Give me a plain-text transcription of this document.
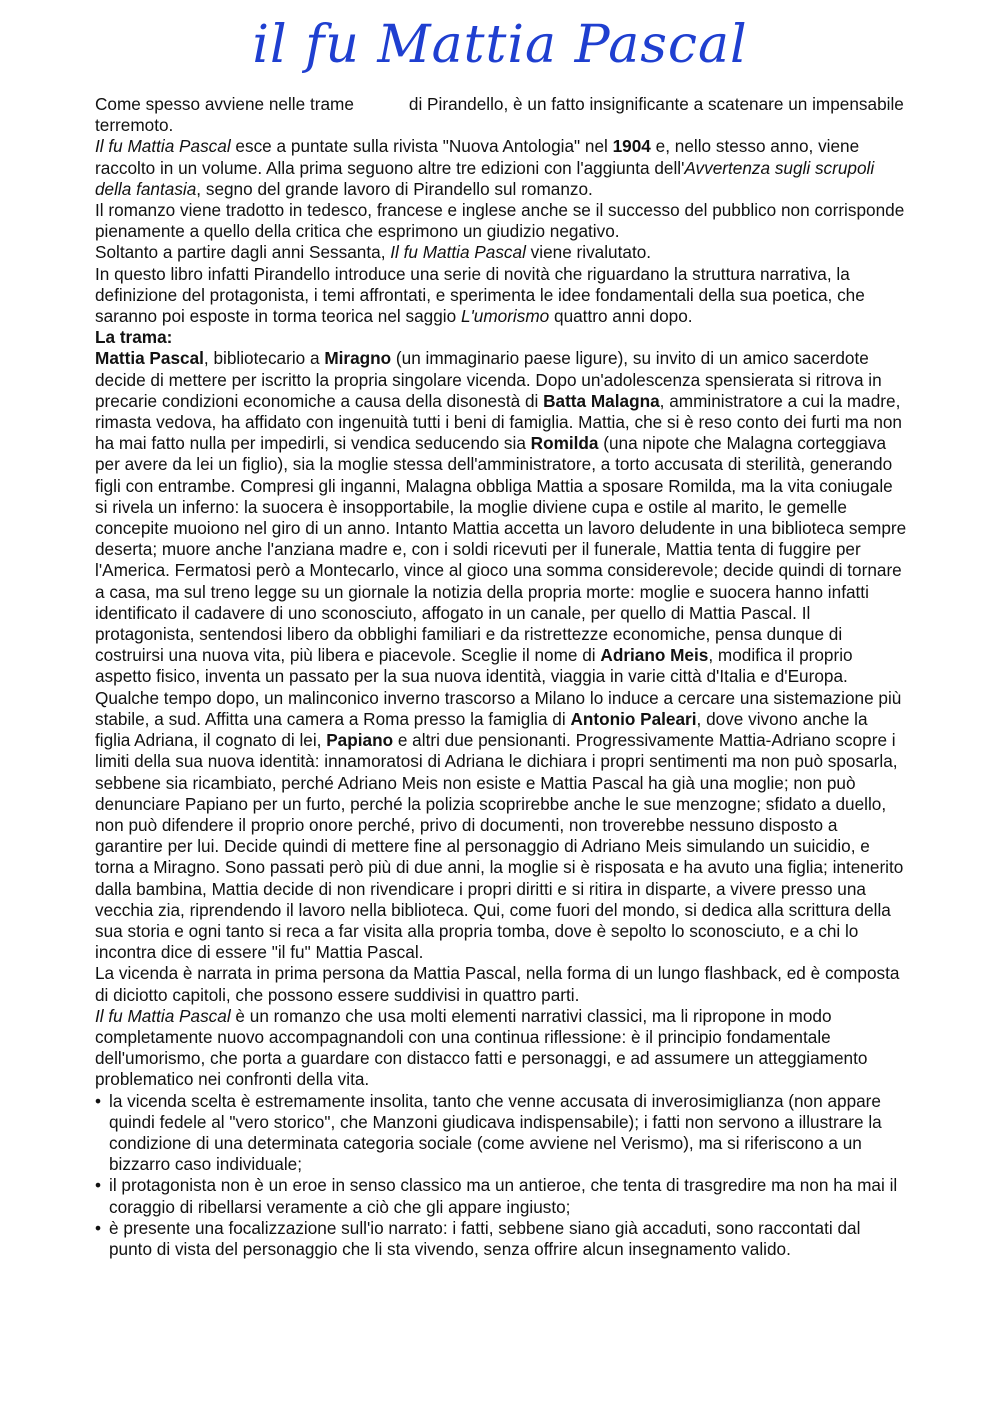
il fu Mattia Pascal

Come spesso avviene nelle trame	di Pirandello, è un fatto insignificante a scatenare un impensabile terremoto.

Il fu Mattia Pascal esce a puntate sulla rivista "Nuova Antologia" nel 1904 e, nello stesso anno, viene raccolto in un volume. Alla prima seguono altre tre edizioni con l'aggiunta dell'Avvertenza sugli scrupoli della fantasia, segno del grande lavoro di Pirandello sul romanzo.

Il romanzo viene tradotto in tedesco, francese e inglese anche se il successo del pubblico non corrisponde pienamente a quello della critica che esprimono un giudizio negativo.

Soltanto a partire dagli anni Sessanta, Il fu Mattia Pascal viene rivalutato.

In questo libro infatti Pirandello introduce una serie di novità che riguardano la struttura narrativa, la definizione del protagonista, i temi affrontati, e sperimenta le idee fondamentali della sua poetica, che saranno poi esposte in torma teorica nel saggio L'umorismo quattro anni dopo.

La trama:

Mattia Pascal, bibliotecario a Miragno (un immaginario paese ligure), su invito di un amico sacerdote decide di mettere per iscritto la propria singolare vicenda. Dopo un'adolescenza spensierata si ritrova in precarie condizioni economiche a causa della disonestà di Batta Malagna, amministratore a cui la madre, rimasta vedova, ha affidato con ingenuità tutti i beni di famiglia. Mattia, che si è reso conto dei furti ma non ha mai fatto nulla per impedirli, si vendica seducendo sia Romilda (una nipote che Malagna corteggiava per avere da lei un figlio), sia la moglie stessa dell'amministratore, a torto accusata di sterilità, generando figli con entrambe. Compresi gli inganni, Malagna obbliga Mattia a sposare Romilda, ma la vita coniugale si rivela un inferno: la suocera è insopportabile, la moglie diviene cupa e ostile al marito, le gemelle concepite muoiono nel giro di un anno. Intanto Mattia accetta un lavoro deludente in una biblioteca sempre deserta; muore anche l'anziana madre e, con i soldi ricevuti per il funerale, Mattia tenta di fuggire per l'America. Fermatosi però a Montecarlo, vince al gioco una somma considerevole; decide quindi di tornare a casa, ma sul treno legge su un giornale la notizia della propria morte: moglie e suocera hanno infatti identificato il cadavere di uno sconosciuto, affogato in un canale, per quello di Mattia Pascal. Il protagonista, sentendosi libero da obblighi familiari e da ristrettezze economiche, pensa dunque di costruirsi una nuova vita, più libera e piacevole. Sceglie il nome di Adriano Meis, modifica il proprio aspetto fisico, inventa un passato per la sua nuova identità, viaggia in varie città d'Italia e d'Europa. Qualche tempo dopo, un malinconico inverno trascorso a Milano lo induce a cercare una sistemazione più stabile, a sud. Affitta una camera a Roma presso la famiglia di Antonio Paleari, dove vivono anche la figlia Adriana, il cognato di lei, Papiano e altri due pensionanti. Progressivamente Mattia-Adriano scopre i limiti della sua nuova identità: innamoratosi di Adriana le dichiara i propri sentimenti ma non può sposarla, sebbene sia ricambiato, perché Adriano Meis non esiste e Mattia Pascal ha già una moglie; non può denunciare Papiano per un furto, perché la polizia scoprirebbe anche le sue menzogne; sfidato a duello, non può difendere il proprio onore perché, privo di documenti, non troverebbe nessuno disposto a garantire per lui. Decide quindi di mettere fine al personaggio di Adriano Meis simulando un suicidio, e torna a Miragno. Sono passati però più di due anni, la moglie si è risposata e ha avuto una figlia; intenerito dalla bambina, Mattia decide di non rivendicare i propri diritti e si ritira in disparte, a vivere presso una vecchia zia, riprendendo il lavoro nella biblioteca. Qui, come fuori del mondo, si dedica alla scrittura della sua storia e ogni tanto si reca a far visita alla propria tomba, dove è sepolto lo sconosciuto, e a chi lo incontra dice di essere "il fu" Mattia Pascal.

La vicenda è narrata in prima persona da Mattia Pascal, nella forma di un lungo flashback, ed è composta di diciotto capitoli, che possono essere suddivisi in quattro parti.

Il fu Mattia Pascal è un romanzo che usa molti elementi narrativi classici, ma li ripropone in modo completamente nuovo accompagnandoli con una continua riflessione: è il principio fondamentale dell'umorismo, che porta a guardare con distacco fatti e personaggi, e ad assumere un atteggiamento problematico nei confronti della vita.

• la vicenda scelta è estremamente insolita, tanto che venne accusata di inverosimiglianza (non appare quindi fedele al "vero storico", che Manzoni giudicava indispensabile); i fatti non servono a illustrare la condizione di una determinata categoria sociale (come avviene nel Verismo), ma si riferiscono a un bizzarro caso individuale;
• il protagonista non è un eroe in senso classico ma un antieroe, che tenta di trasgredire ma non ha mai il coraggio di ribellarsi veramente a ciò che gli appare ingiusto;
• è presente una focalizzazione sull'io narrato: i fatti, sebbene siano già accaduti, sono raccontati dal punto di vista del personaggio che li sta vivendo, senza offrire alcun insegnamento valido.
